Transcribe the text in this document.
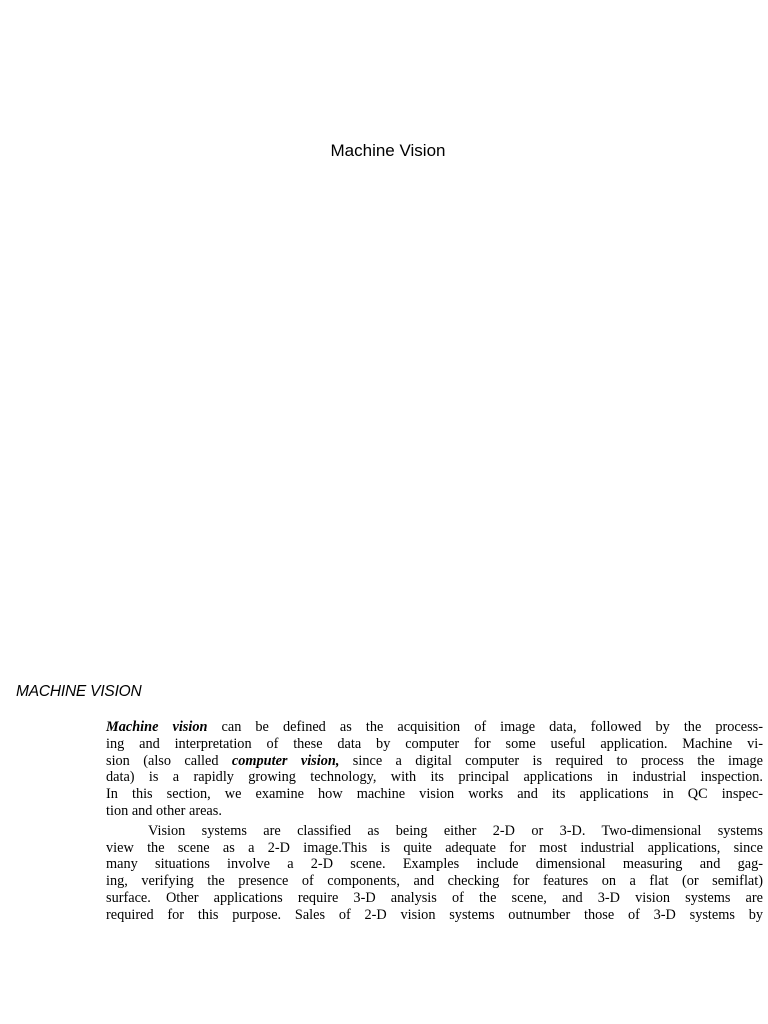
Machine Vision
MACHINE VISION

Machine vision can be defined as the acquisition of image data, followed by the process-
ing and interpretation of these data by computer for some useful application. Machine vi-
sion (also called computer vision, since a digital computer is required to process the image
data) is a rapidly growing technology, with its principal applications in industrial inspection.
In this section, we examine how machine vision works and its applications in QC inspec-
tion and other areas.

Vision systems are classified as being either 2-D or 3-D. Two-dimensional systems
view the scene as a 2-D image.This is quite adequate for most industrial applications, since
many situations involve a 2-D scene. Examples include dimensional measuring and gag-
ing, verifying the presence of components, and checking for features on a flat (or semiflat)
surface. Other applications require 3-D analysis of the scene, and 3-D vision systems are
required for this purpose. Sales of 2-D vision systems outnumber those of 3-D systems by
